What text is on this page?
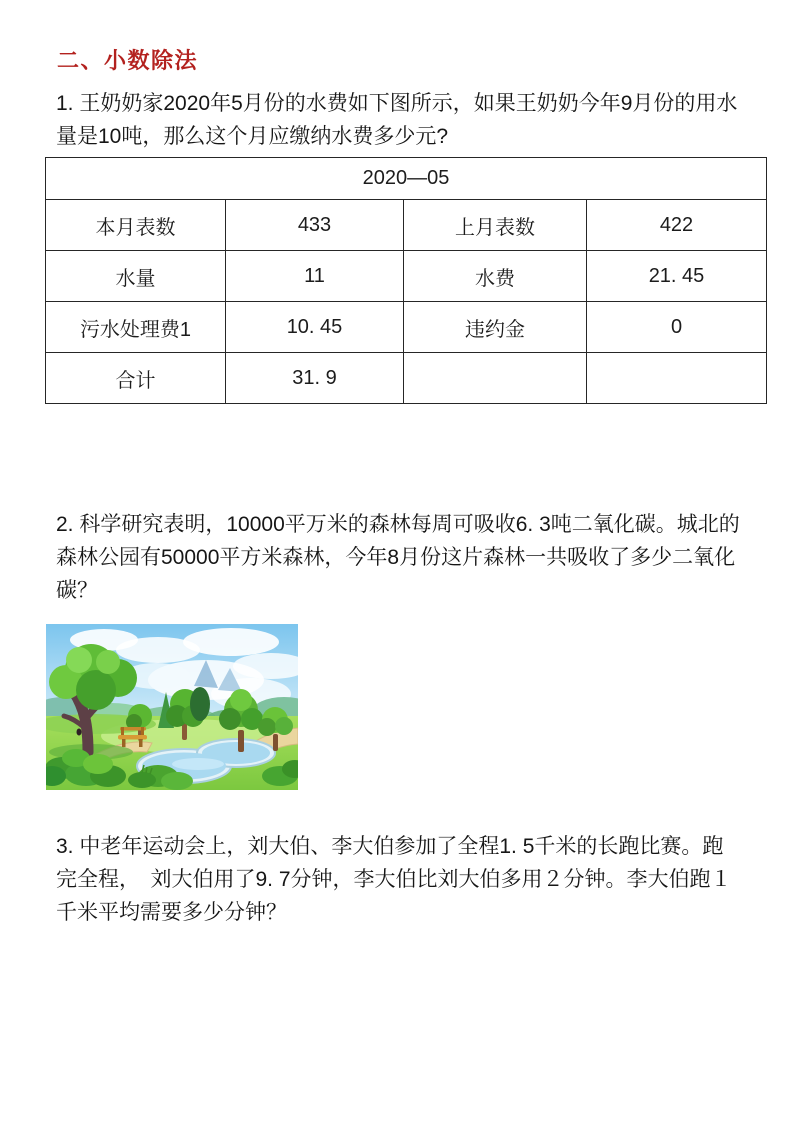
二、小数除法
1. 王奶奶家2020年5月份的水费如下图所示，如果王奶奶今年9月份的用水
量是10吨，那么这个月应缴纳水费多少元?
2020—05			
本月表数	433	上月表数	422
水量	11	水费	21. 45
污水处理费1	10. 45	违约金	0
合计	31. 9		
2. 科学研究表明，10000平万米的森林每周可吸收6. 3吨二氧化碳。城北的
森林公园有50000平方米森林，今年8月份这片森林一共吸收了多少二氧化
碳？
3. 中老年运动会上，刘大伯、李大伯参加了全程1. 5千米的长跑比赛。跑
完全程，　刘大伯用了9. 7分钟，李大伯比刘大伯多用２分钟。李大伯跑１
千米平均需要多少分钟？
